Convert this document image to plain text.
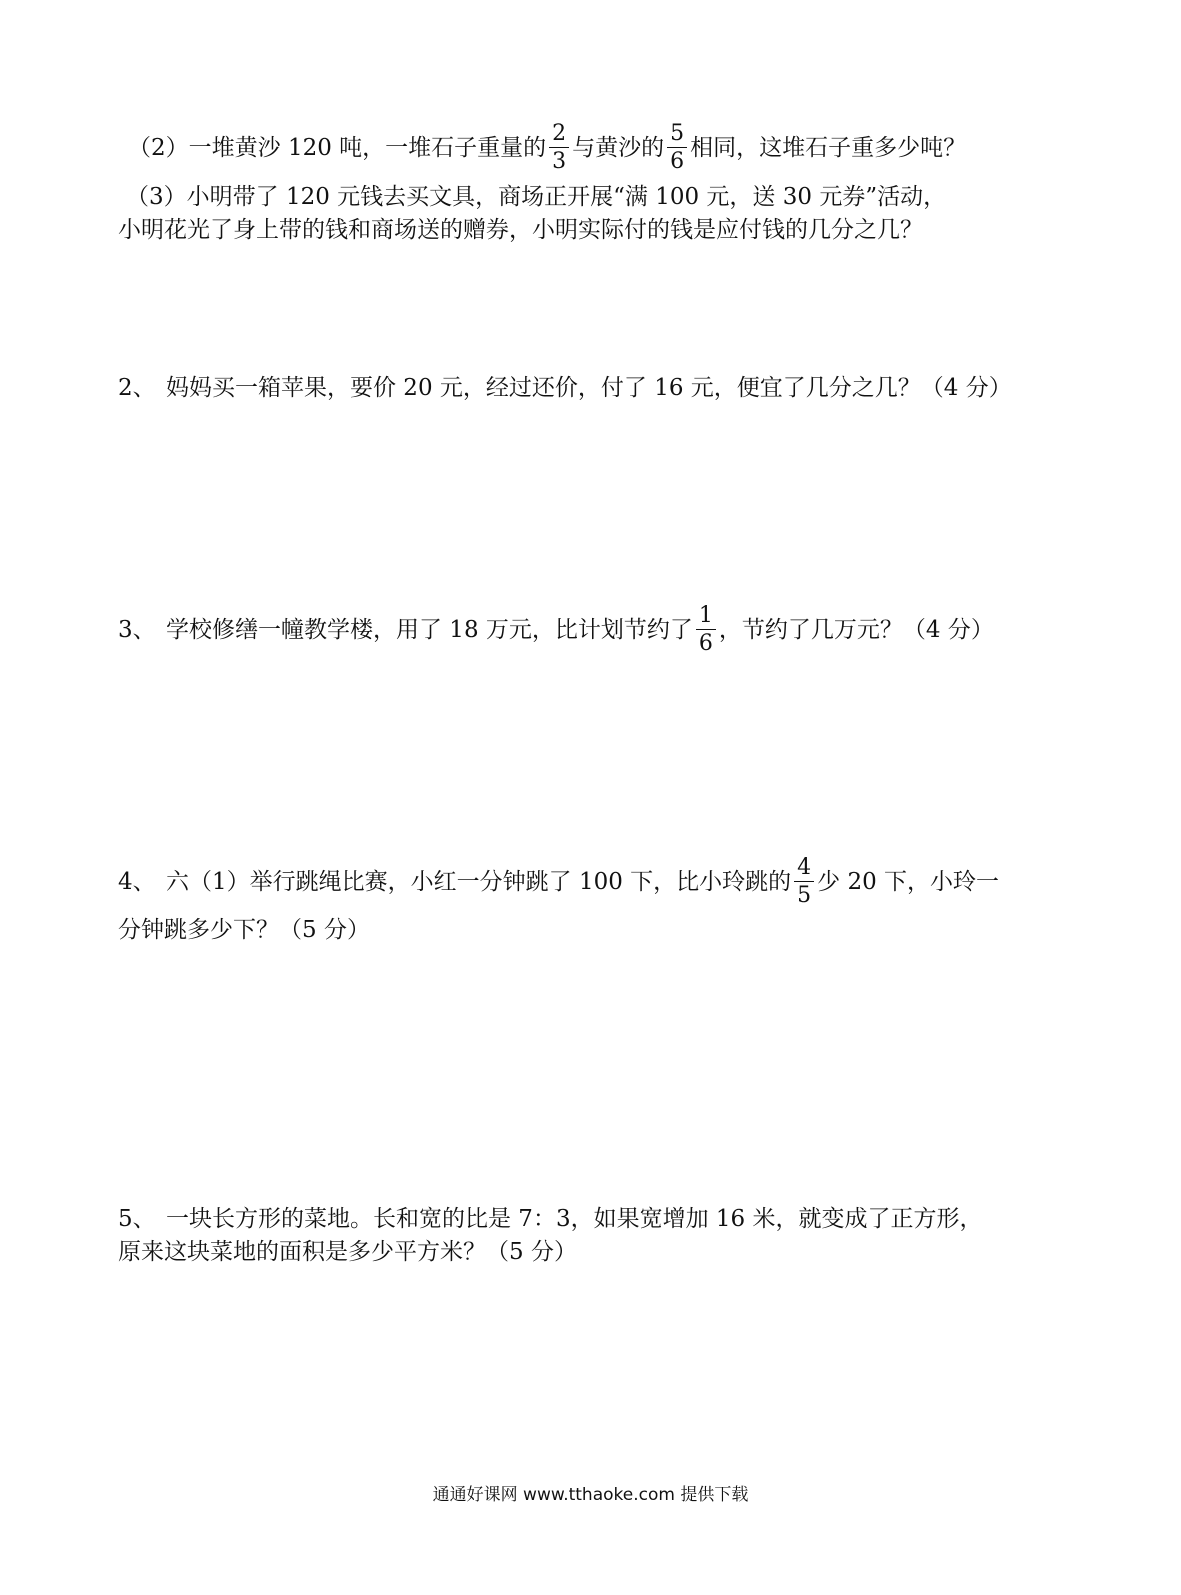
（2）一堆黄沙 120 吨，一堆石子重量的 $\frac{2}{3}$ 与黄沙的 $\frac{5}{6}$ 相同，这堆石子重多少吨？
（3）小明带了 120 元钱去买文具，商场正开展“满 100 元，送 30 元券”活动，
小明花光了身上带的钱和商场送的赠券，小明实际付的钱是应付钱的几分之几？
2、 妈妈买一箱苹果，要价 20 元，经过还价，付了 16 元，便宜了几分之几？（4 分）
3、 学校修缮一幢教学楼，用了 18 万元，比计划节约了 $\frac{1}{6}$ ，节约了几万元？（4 分）
4、 六（1）举行跳绳比赛，小红一分钟跳了 100 下，比小玲跳的 $\frac{4}{5}$ 少 20 下，小玲一
分钟跳多少下？（5 分）
5、 一块长方形的菜地。长和宽的比是 7：3，如果宽增加 16 米，就变成了正方形，
原来这块菜地的面积是多少平方米？（5 分）
通通好课网 www.tthaoke.com 提供下载
